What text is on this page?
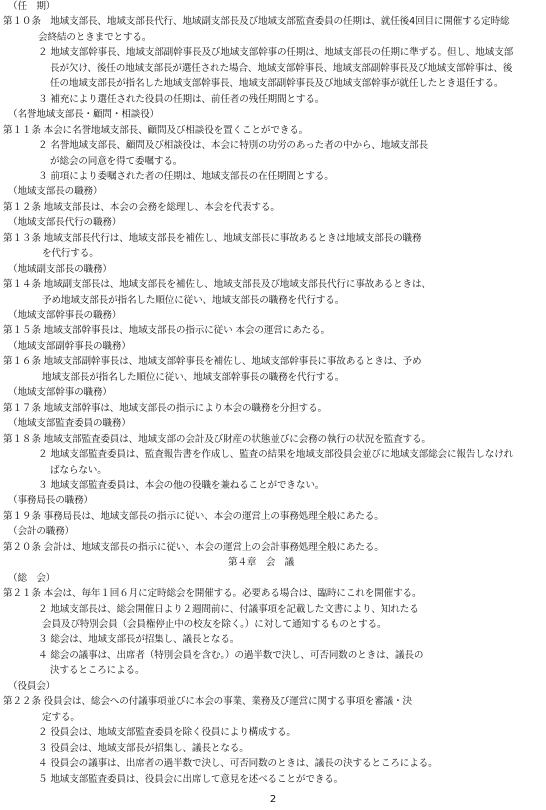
（任　期）
第１０条　地域支部長、地域支部長代行、地域副支部長及び地域支部監査委員の任期は、就任後4回目に開催する定時総
会終結のときまでとする。
２ 地域支部幹事長、地域支部副幹事長及び地域支部幹事の任期は、地域支部長の任期に準ずる。但し、地域支部
長が欠け、後任の地域支部長が選任された場合、地域支部幹事長、地域支部副幹事長及び地域支部幹事は、後
任の地域支部長が指名した地域支部幹事長、地域支部副幹事長及び地域支部幹事が就任したとき退任する。
３ 補充により選任された役員の任期は、前任者の残任期間とする。
（名誉地域支部長・顧問・相談役）
第１１条 本会に名誉地域支部長、顧問及び相談役を置くことができる。
２ 名誉地域支部長、顧問及び相談役は、本会に特別の功労のあった者の中から、地域支部長
が総会の同意を得て委嘱する。
３ 前項により委嘱された者の任期は、地域支部長の在任期間とする。
（地域支部長の職務）
第１２条 地域支部長は、本会の会務を総理し、本会を代表する。
（地域支部長代行の職務）
第１３条 地域支部長代行は、地域支部長を補佐し、地域支部長に事故あるときは地域支部長の職務
を代行する。
（地域副支部長の職務）
第１４条 地域副支部長は、地域支部長を補佐し、地域支部長及び地域支部長代行に事故あるときは、
予め地域支部長が指名した順位に従い、地域支部長の職務を代行する。
（地域支部幹事長の職務）
第１５条 地域支部幹事長は、地域支部長の指示に従い 本会の運営にあたる。
（地域支部副幹事長の職務）
第１６条 地域支部副幹事長は、地域支部幹事長を補佐し、地域支部幹事長に事故あるときは、予め
地域支部長が指名した順位に従い、地域支部幹事長の職務を代行する。
（地域支部幹事の職務）
第１７条 地域支部幹事は、地域支部長の指示により本会の職務を分担する。
（地域支部監査委員の職務）
第１８条 地域支部監査委員は、地域支部の会計及び財産の状態並びに会務の執行の状況を監査する。
２ 地域支部監査委員は、監査報告書を作成し、監査の結果を地域支部役員会並びに地域支部総会に報告しなけれ
ばならない。
３ 地域支部監査委員は、本会の他の役職を兼ねることができない。
（事務局長の職務）
第１９条 事務局長は、地域支部長の指示に従い、本会の運営上の事務処理全般にあたる。
（会計の職務）
第２０条 会計は、地域支部長の指示に従い、本会の運営上の会計事務処理全般にあたる。
第４章　会　議
（総　会）
第２１条 本会は、毎年１回６月に定時総会を開催する。必要ある場合は、臨時にこれを開催する。
２ 地域支部長は、総会開催日より２週間前に、付議事項を記載した文書により、知れたる
会員及び特別会員（会員権停止中の校友を除く。）に対して通知するものとする。
３ 総会は、地域支部長が招集し、議長となる。
４ 総会の議事は、出席者（特別会員を含む。）の過半数で決し、可否同数のときは、議長の
決するところによる。
（役員会）
第２２条 役員会は、総会への付議事項並びに本会の事業、業務及び運営に関する事項を審議・決
定する。
２ 役員会は、地域支部監査委員を除く役員により構成する。
３ 役員会は、地域支部長が招集し、議長となる。
４ 役員会の議事は、出席者の過半数で決し、可否同数のときは、議長の決するところによる。
５ 地域支部監査委員は、役員会に出席して意見を述べることができる。
2
